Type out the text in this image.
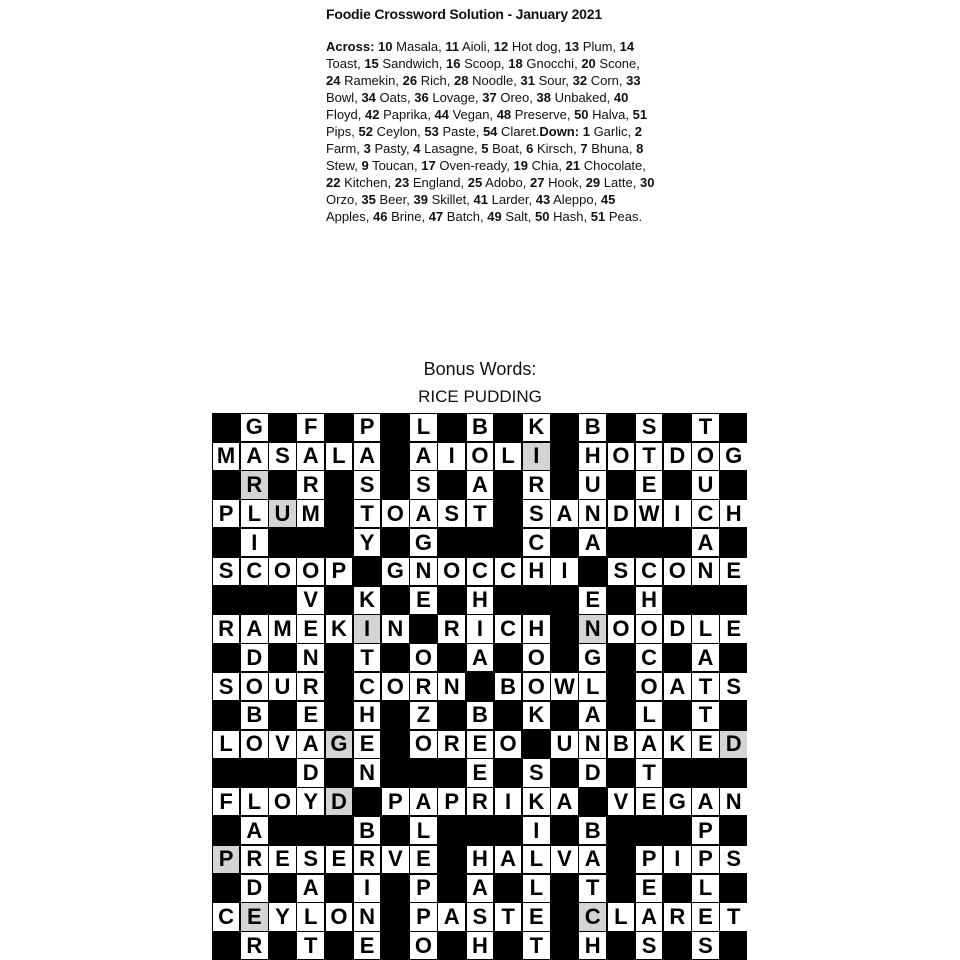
Foodie Crossword Solution - January 2021
Across: 10 Masala, 11 Aioli, 12 Hot dog, 13 Plum, 14 Toast, 15 Sandwich, 16 Scoop, 18 Gnocchi, 20 Scone, 24 Ramekin, 26 Rich, 28 Noodle, 31 Sour, 32 Corn, 33 Bowl, 34 Oats, 36 Lovage, 37 Oreo, 38 Unbaked, 40 Floyd, 42 Paprika, 44 Vegan, 48 Preserve, 50 Halva, 51 Pips, 52 Ceylon, 53 Paste, 54 Claret.Down: 1 Garlic, 2 Farm, 3 Pasty, 4 Lasagne, 5 Boat, 6 Kirsch, 7 Bhuna, 8 Stew, 9 Toucan, 17 Oven-ready, 19 Chia, 21 Chocolate, 22 Kitchen, 23 England, 25 Adobo, 27 Hook, 29 Latte, 30 Orzo, 35 Beer, 39 Skillet, 41 Larder, 43 Aleppo, 45 Apples, 46 Brine, 47 Batch, 49 Salt, 50 Hash, 51 Peas.
Bonus Words:
RICE PUDDING
G F P L B K B S T
M A S A L A A I O L I	H O T D O G
R R S S A R U E U
P L U M T O A S T S A N D W I C H
I	Y G	C A	A
S C O O P G N O C C H I	S C O N E
V K E H	E H
R A M E K I N R I C H N O O D L E
D N T O A O G C A
S O U R C O R N B O W L O A T S
B E H Z B K A L T
L O V A G E O R E O U N B A K E D
D N	E S D T
F L O Y D P A P R I K A V E G A N
A	B L	I	B	P
P R E S E R V E H A L V A P I P S
D A	I	P A L T E L
C E Y L O N P A S T E C L A R E T
R T E O H T H S S
